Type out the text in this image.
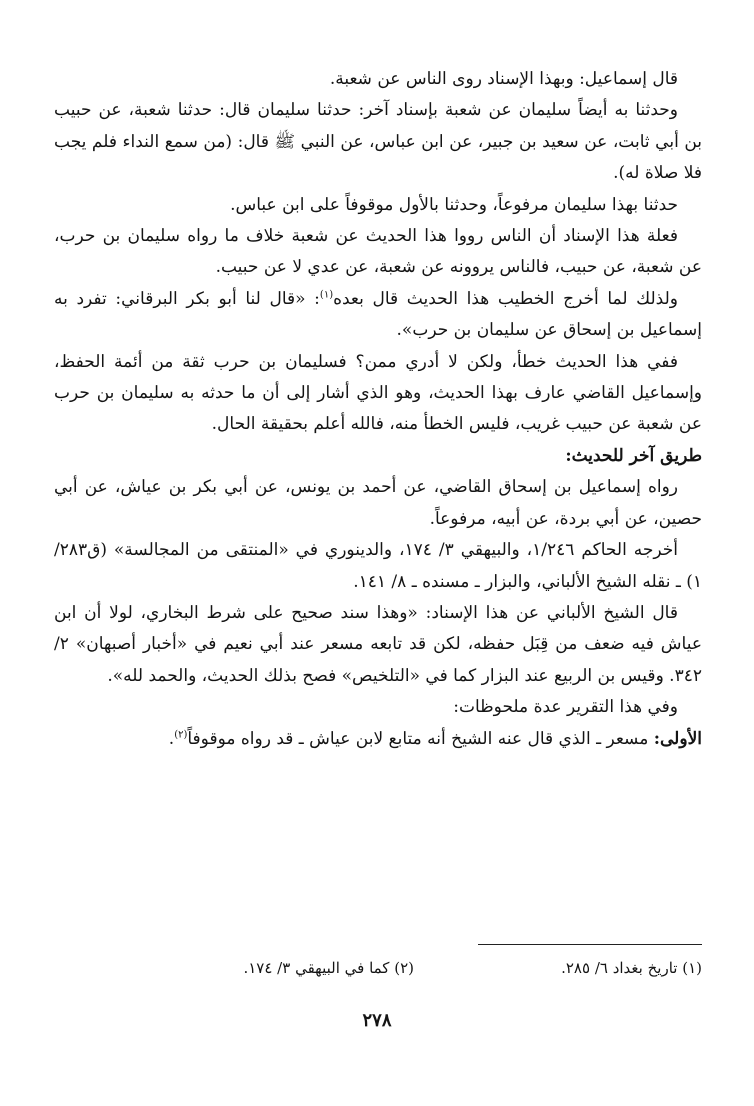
قال إسماعيل: وبهذا الإسناد روى الناس عن شعبة.

وحدثنا به أيضاً سليمان عن شعبة بإسناد آخر: حدثنا سليمان قال: حدثنا شعبة، عن حبيب بن أبي ثابت، عن سعيد بن جبير، عن ابن عباس، عن النبي ﷺ قال: (من سمع النداء فلم يجب فلا صلاة له).

حدثنا بهذا سليمان مرفوعاً، وحدثنا بالأول موقوفاً على ابن عباس.

فعلة هذا الإسناد أن الناس رووا هذا الحديث عن شعبة خلاف ما رواه سليمان بن حرب، عن شعبة، عن حبيب، فالناس يروونه عن شعبة، عن عدي لا عن حبيب.

ولذلك لما أخرج الخطيب هذا الحديث قال بعده$^{(١)}$: «قال لنا أبو بكر البرقاني: تفرد به إسماعيل بن إسحاق عن سليمان بن حرب».

ففي هذا الحديث خطأ، ولكن لا أدري ممن؟ فسليمان بن حرب ثقة من أئمة الحفظ، وإسماعيل القاضي عارف بهذا الحديث، وهو الذي أشار إلى أن ما حدثه به سليمان بن حرب عن شعبة عن حبيب غريب، فليس الخطأ منه، فالله أعلم بحقيقة الحال.

طريق آخر للحديث:

رواه إسماعيل بن إسحاق القاضي، عن أحمد بن يونس، عن أبي بكر بن عياش، عن أبي حصين، عن أبي بردة، عن أبيه، مرفوعاً.

أخرجه الحاكم ١/٢٤٦، والبيهقي ٣/ ١٧٤، والدينوري في «المنتقى من المجالسة» (ق٢٨٣/ ١) ـ نقله الشيخ الألباني، والبزار ـ مسنده ـ ٨/ ١٤١.

قال الشيخ الألباني عن هذا الإسناد: «وهذا سند صحيح على شرط البخاري، لولا أن ابن عياش فيه ضعف من قِبَل حفظه، لكن قد تابعه مسعر عند أبي نعيم في «أخبار أصبهان» ٢/ ٣٤٢. وقيس بن الربيع عند البزار كما في «التلخيص» فصح بذلك الحديث، والحمد لله».

وفي هذا التقرير عدة ملحوظات:

الأولى: مسعر ـ الذي قال عنه الشيخ أنه متابع لابن عياش ـ قد رواه موقوفاً$^{(٢)}$.

(١) تاريخ بغداد ٦/ ٢٨٥.
(٢) كما في البيهقي ٣/ ١٧٤.
٢٧٨
